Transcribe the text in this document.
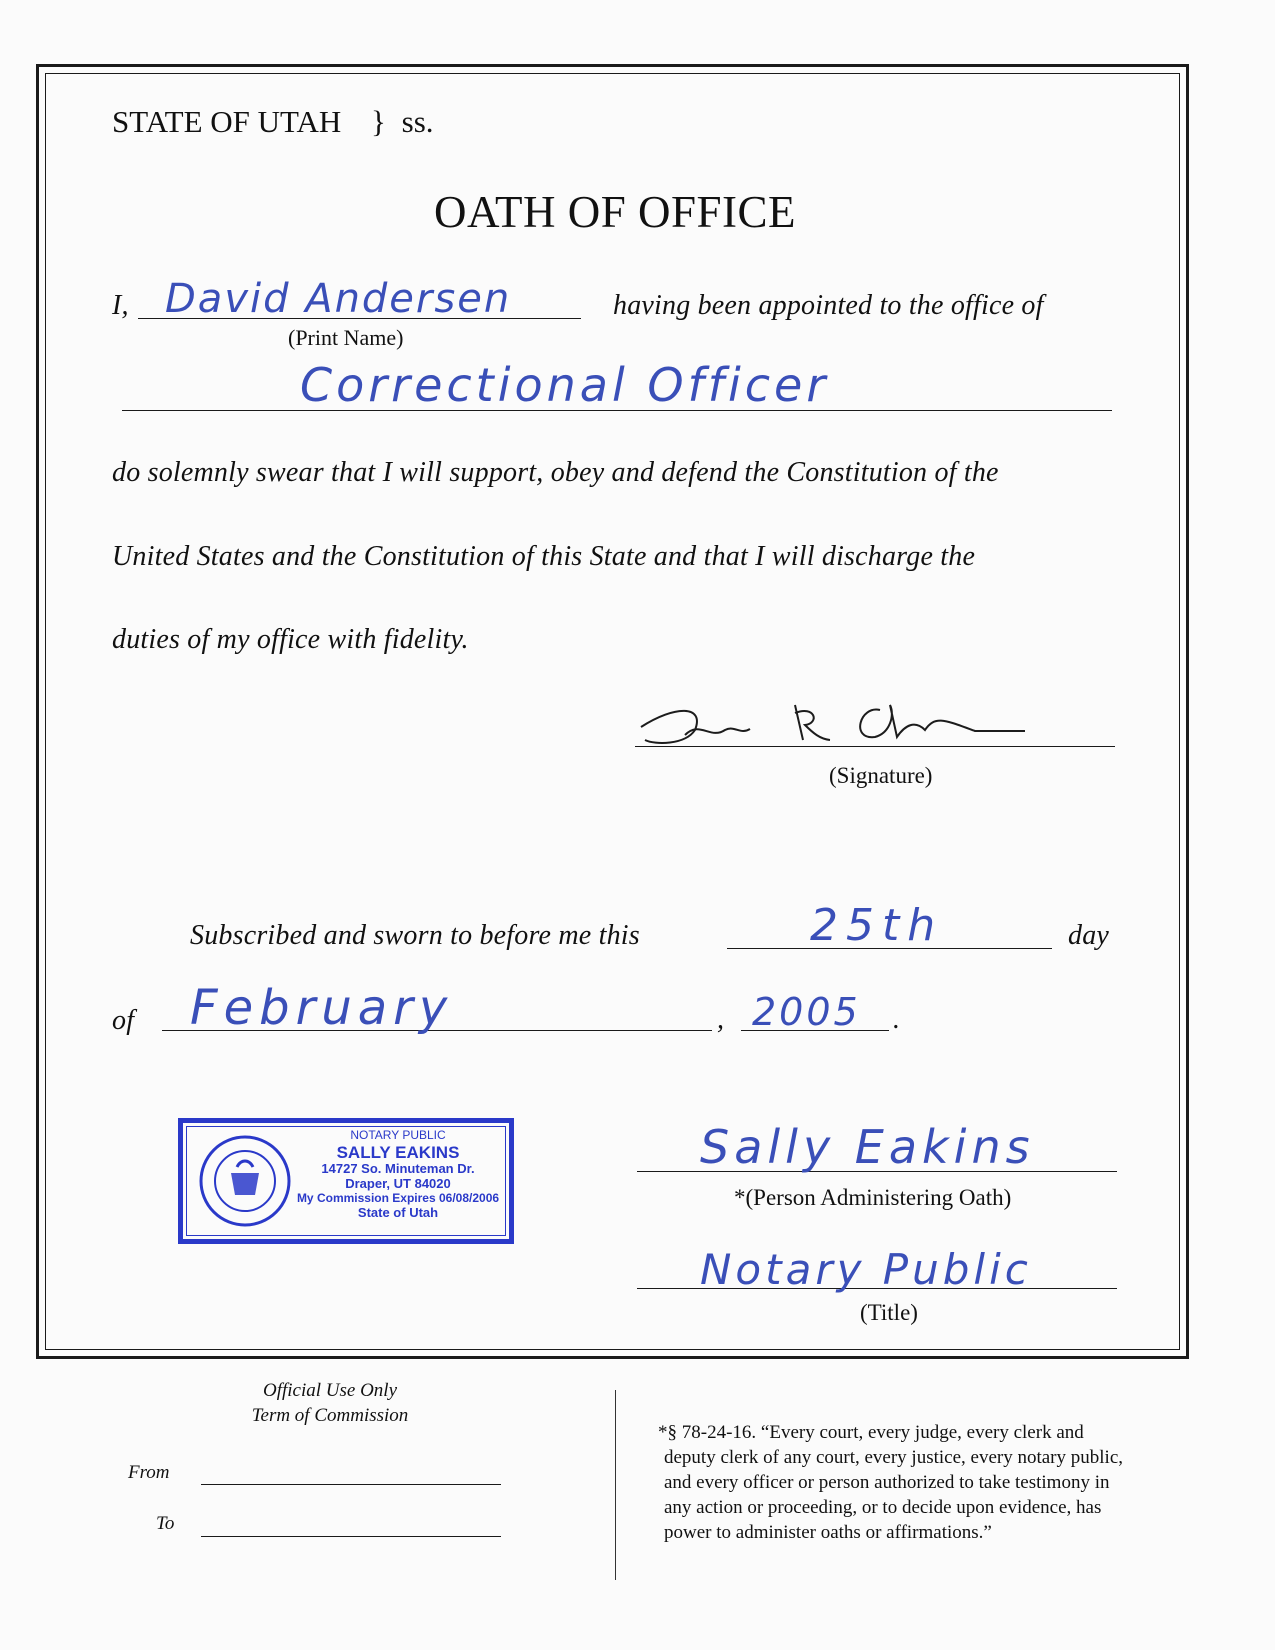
STATE OF UTAH } ss.
OATH OF OFFICE
I, David Andersen
(Print Name)
having been appointed to the office of
Correctional Officer
do solemnly swear that I will support, obey and defend the Constitution of the
United States and the Constitution of this State and that I will discharge the
duties of my office with fidelity.
(Signature)
Subscribed and sworn to before me this	25th	day
of February	, 2005 .
NOTARY PUBLIC
SALLY EAKINS
14727 So. Minuteman Dr.
Draper, UT 84020
My Commission Expires 06/08/2006
State of Utah
Sally Eakins
*(Person Administering Oath)
Notary Public
(Title)
Official Use Only
Term of Commission
From
To
*§ 78-24-16. “Every court, every judge, every clerk and
deputy clerk of any court, every justice, every notary public,
and every officer or person authorized to take testimony in
any action or proceeding, or to decide upon evidence, has
power to administer oaths or affirmations.”
